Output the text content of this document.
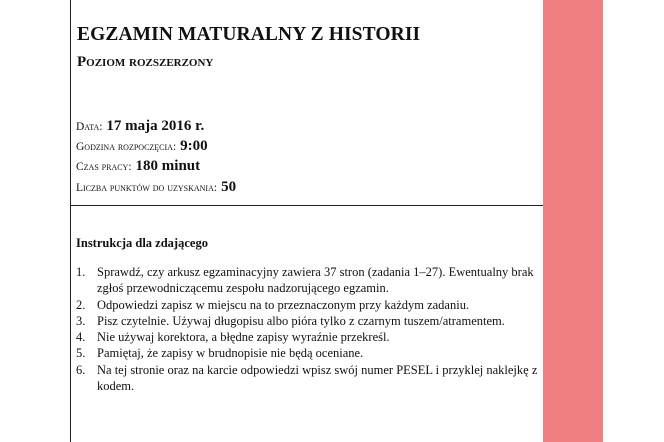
EGZAMIN MATURALNY Z HISTORII
Poziom rozszerzony
Data: 17 maja 2016 r.
Godzina rozpoczęcia: 9:00
Czas pracy: 180 minut
Liczba punktów do uzyskania: 50
Instrukcja dla zdającego
1. Sprawdź, czy arkusz egzaminacyjny zawiera 37 stron (zadania 1–27). Ewentualny brak zgłoś przewodniczącemu zespołu nadzorującego egzamin.
2. Odpowiedzi zapisz w miejscu na to przeznaczonym przy każdym zadaniu.
3. Pisz czytelnie. Używaj długopisu albo pióra tylko z czarnym tuszem/atramentem.
4. Nie używaj korektora, a błędne zapisy wyraźnie przekreśl.
5. Pamiętaj, że zapisy w brudnopisie nie będą oceniane.
6. Na tej stronie oraz na karcie odpowiedzi wpisz swój numer PESEL i przyklej naklejkę z kodem.
